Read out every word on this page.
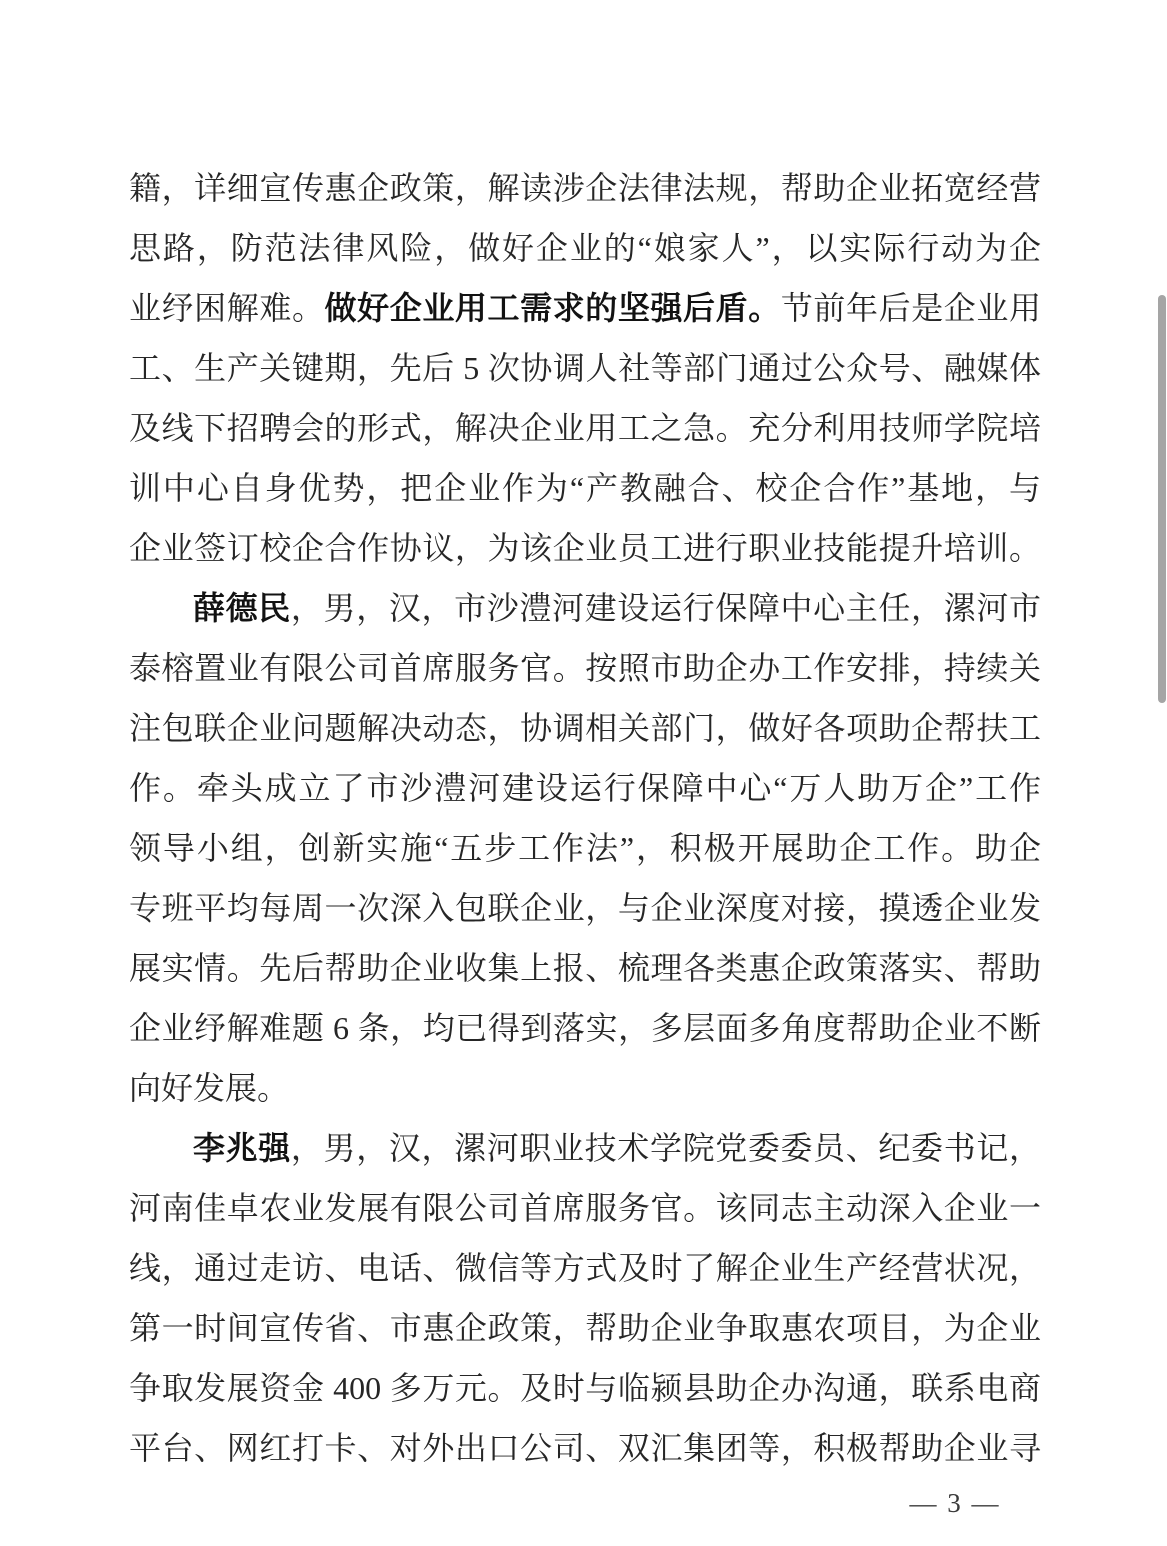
籍，详细宣传惠企政策，解读涉企法律法规，帮助企业拓宽经营
思路，防范法律风险，做好企业的“娘家人”，以实际行动为企
业纾困解难。做好企业用工需求的坚强后盾。节前年后是企业用
工、生产关键期，先后 5 次协调人社等部门通过公众号、融媒体
及线下招聘会的形式，解决企业用工之急。充分利用技师学院培
训中心自身优势，把企业作为“产教融合、校企合作”基地，与
企业签订校企合作协议，为该企业员工进行职业技能提升培训。
薛德民，男，汉，市沙澧河建设运行保障中心主任，漯河市
泰榕置业有限公司首席服务官。按照市助企办工作安排，持续关
注包联企业问题解决动态，协调相关部门，做好各项助企帮扶工
作。牵头成立了市沙澧河建设运行保障中心“万人助万企”工作
领导小组，创新实施“五步工作法”，积极开展助企工作。助企
专班平均每周一次深入包联企业，与企业深度对接，摸透企业发
展实情。先后帮助企业收集上报、梳理各类惠企政策落实、帮助
企业纾解难题 6 条，均已得到落实，多层面多角度帮助企业不断
向好发展。
李兆强，男，汉，漯河职业技术学院党委委员、纪委书记，
河南佳卓农业发展有限公司首席服务官。该同志主动深入企业一
线，通过走访、电话、微信等方式及时了解企业生产经营状况，
第一时间宣传省、市惠企政策，帮助企业争取惠农项目，为企业
争取发展资金 400 多万元。及时与临颍县助企办沟通，联系电商
平台、网红打卡、对外出口公司、双汇集团等，积极帮助企业寻
— 3 —
